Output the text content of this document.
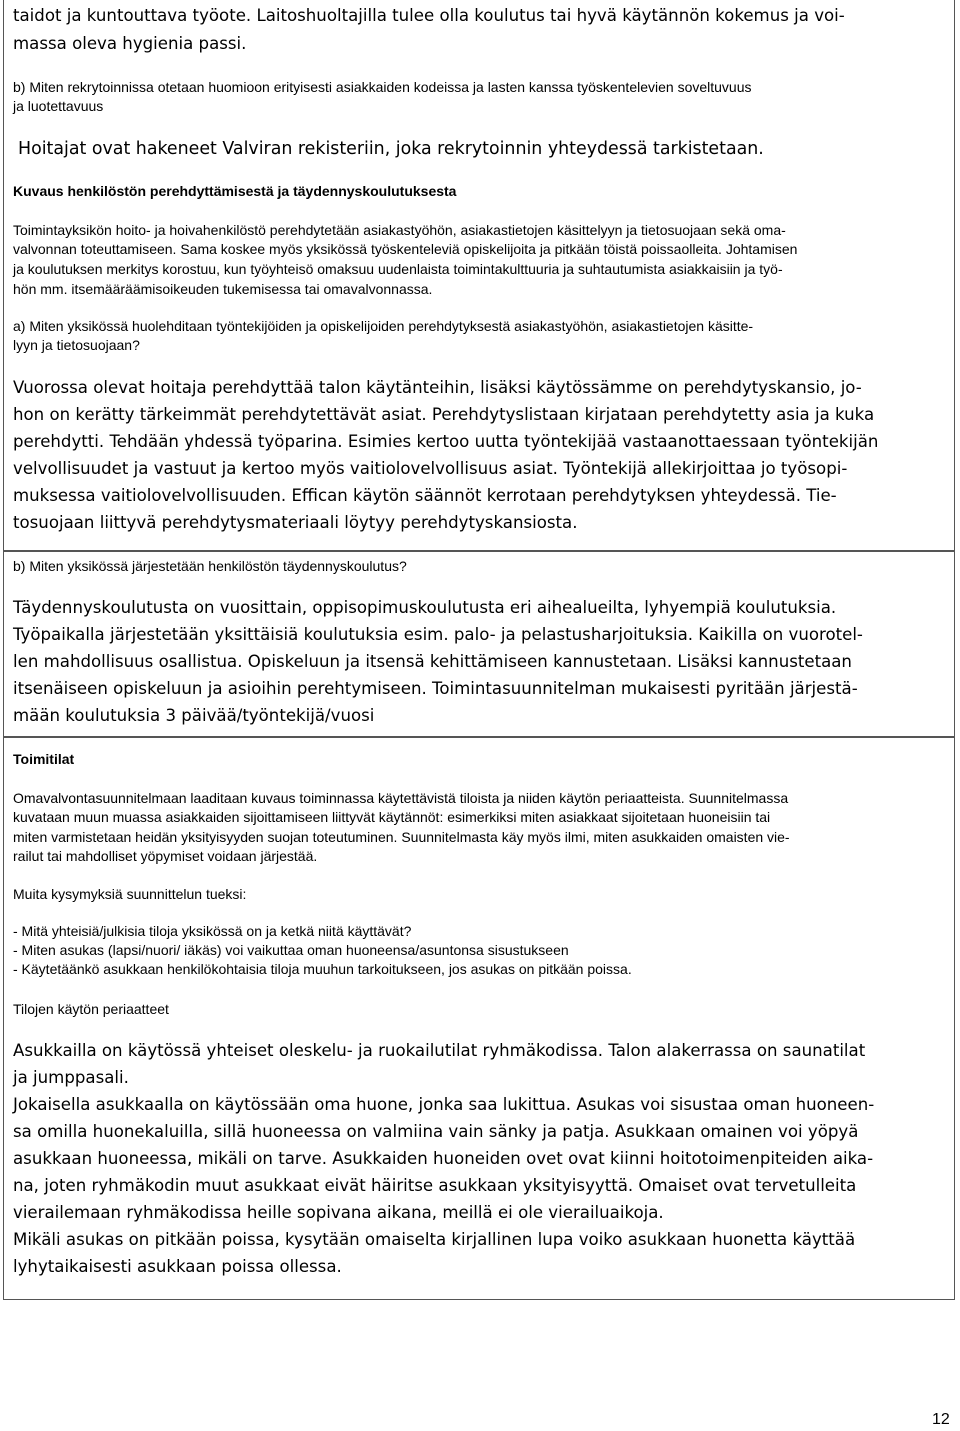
taidot ja kuntouttava työote. Laitoshuoltajilla tulee olla koulutus tai hyvä käytännön kokemus ja voi-

massa oleva hygienia passi.

b) Miten rekrytoinnissa otetaan huomioon erityisesti asiakkaiden kodeissa ja lasten kanssa työskentelevien soveltuvuus

ja luotettavuus

Hoitajat ovat hakeneet Valviran rekisteriin, joka rekrytoinnin yhteydessä tarkistetaan.

Kuvaus henkilöstön perehdyttämisestä ja täydennyskoulutuksesta

Toimintayksikön hoito- ja hoivahenkilöstö perehdytetään asiakastyöhön, asiakastietojen käsittelyyn ja tietosuojaan sekä oma-

valvonnan toteuttamiseen. Sama koskee myös yksikössä työskenteleviä opiskelijoita ja pitkään töistä poissaolleita. Johtamisen

ja koulutuksen merkitys korostuu, kun työyhteisö omaksuu uudenlaista toimintakulttuuria ja suhtautumista asiakkaisiin ja työ-

hön mm. itsemääräämisoikeuden tukemisessa tai omavalvonnassa.

a) Miten yksikössä huolehditaan työntekijöiden ja opiskelijoiden perehdytyksestä asiakastyöhön, asiakastietojen käsitte-

lyyn ja tietosuojaan?

Vuorossa olevat hoitaja perehdyttää talon käytänteihin, lisäksi käytössämme on perehdytyskansio, jo-

hon on kerätty tärkeimmät perehdytettävät asiat. Perehdytyslistaan kirjataan perehdytetty asia ja kuka

perehdytti. Tehdään yhdessä työparina. Esimies kertoo uutta työntekijää vastaanottaessaan työntekijän

velvollisuudet ja vastuut ja kertoo myös vaitiolovelvollisuus asiat. Työntekijä allekirjoittaa jo työsopi-

muksessa vaitiolovelvollisuuden. Effican käytön säännöt kerrotaan perehdytyksen yhteydessä. Tie-

tosuojaan liittyvä perehdytysmateriaali löytyy perehdytyskansiosta.

b) Miten yksikössä järjestetään henkilöstön täydennyskoulutus?

Täydennyskoulutusta on vuosittain, oppisopimuskoulutusta eri aihealueilta, lyhyempiä koulutuksia.

Työpaikalla järjestetään yksittäisiä koulutuksia esim. palo- ja pelastusharjoituksia. Kaikilla on vuorotel-

len mahdollisuus osallistua. Opiskeluun ja itsensä kehittämiseen kannustetaan. Lisäksi kannustetaan

itsenäiseen opiskeluun ja asioihin perehtymiseen. Toimintasuunnitelman mukaisesti pyritään järjestä-

mään koulutuksia 3 päivää/työntekijä/vuosi

Toimitilat

Omavalvontasuunnitelmaan laaditaan kuvaus toiminnassa käytettävistä tiloista ja niiden käytön periaatteista. Suunnitelmassa

kuvataan muun muassa asiakkaiden sijoittamiseen liittyvät käytännöt: esimerkiksi miten asiakkaat sijoitetaan huoneisiin tai

miten varmistetaan heidän yksityisyyden suojan toteutuminen. Suunnitelmasta käy myös ilmi, miten asukkaiden omaisten vie-

railut tai mahdolliset yöpymiset voidaan järjestää.

Muita kysymyksiä suunnittelun tueksi:

- Mitä yhteisiä/julkisia tiloja yksikössä on ja ketkä niitä käyttävät?

- Miten asukas (lapsi/nuori/ iäkäs) voi vaikuttaa oman huoneensa/asuntonsa sisustukseen

- Käytetäänkö asukkaan henkilökohtaisia tiloja muuhun tarkoitukseen, jos asukas on pitkään poissa.

Tilojen käytön periaatteet

Asukkailla on käytössä yhteiset oleskelu- ja ruokailutilat ryhmäkodissa. Talon alakerrassa on saunatilat

ja jumppasali.

Jokaisella asukkaalla on käytössään oma huone, jonka saa lukittua. Asukas voi sisustaa oman huoneen-

sa omilla huonekaluilla, sillä huoneessa on valmiina vain sänky ja patja. Asukkaan omainen voi yöpyä

asukkaan huoneessa, mikäli on tarve. Asukkaiden huoneiden ovet ovat kiinni hoitotoimenpiteiden aika-

na, joten ryhmäkodin muut asukkaat eivät häiritse asukkaan yksityisyyttä. Omaiset ovat tervetulleita

vierailemaan ryhmäkodissa heille sopivana aikana, meillä ei ole vierailuaikoja.

Mikäli asukas on pitkään poissa, kysytään omaiselta kirjallinen lupa voiko asukkaan huonetta käyttää

lyhytaikaisesti asukkaan poissa ollessa.

12
